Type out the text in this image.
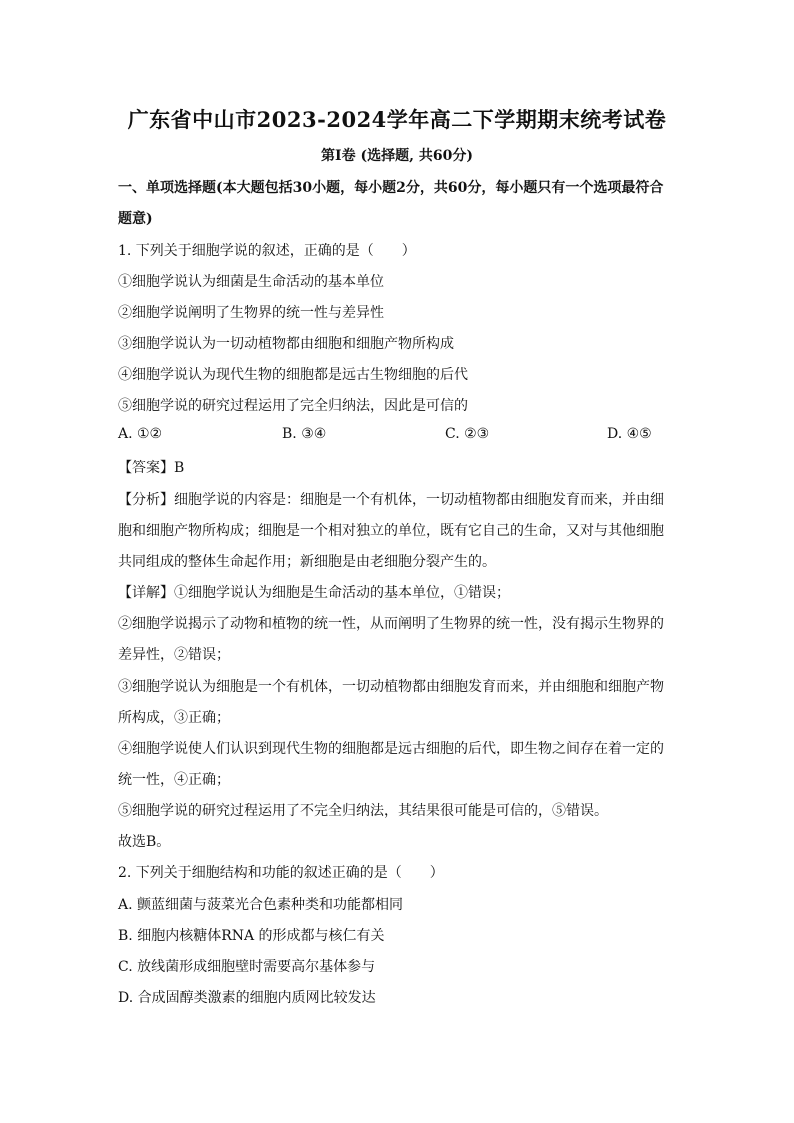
广东省中山市2023-2024学年高二下学期期末统考试卷
第Ⅰ卷 (选择题, 共60分)
一、单项选择题(本大题包括30小题，每小题2分，共60分，每小题只有一个选项最符合
题意)
1. 下列关于细胞学说的叙述，正确的是（　　）
①细胞学说认为细菌是生命活动的基本单位
②细胞学说阐明了生物界的统一性与差异性
③细胞学说认为一切动植物都由细胞和细胞产物所构成
④细胞学说认为现代生物的细胞都是远古生物细胞的后代
⑤细胞学说的研究过程运用了完全归纳法，因此是可信的
A. ①②	B. ③④	C. ②③	D. ④⑤
【答案】B
【分析】细胞学说的内容是：细胞是一个有机体，一切动植物都由细胞发育而来，并由细
胞和细胞产物所构成；细胞是一个相对独立的单位，既有它自己的生命，又对与其他细胞
共同组成的整体生命起作用；新细胞是由老细胞分裂产生的。
【详解】①细胞学说认为细胞是生命活动的基本单位，①错误；
②细胞学说揭示了动物和植物的统一性，从而阐明了生物界的统一性，没有揭示生物界的
差异性，②错误；
③细胞学说认为细胞是一个有机体，一切动植物都由细胞发育而来，并由细胞和细胞产物
所构成，③正确；
④细胞学说使人们认识到现代生物的细胞都是远古细胞的后代，即生物之间存在着一定的
统一性，④正确；
⑤细胞学说的研究过程运用了不完全归纳法，其结果很可能是可信的，⑤错误。
故选B。
2. 下列关于细胞结构和功能的叙述正确的是（　　）
A. 颤蓝细菌与菠菜光合色素种类和功能都相同
B. 细胞内核糖体RNA 的形成都与核仁有关
C. 放线菌形成细胞壁时需要高尔基体参与
D. 合成固醇类激素的细胞内质网比较发达
